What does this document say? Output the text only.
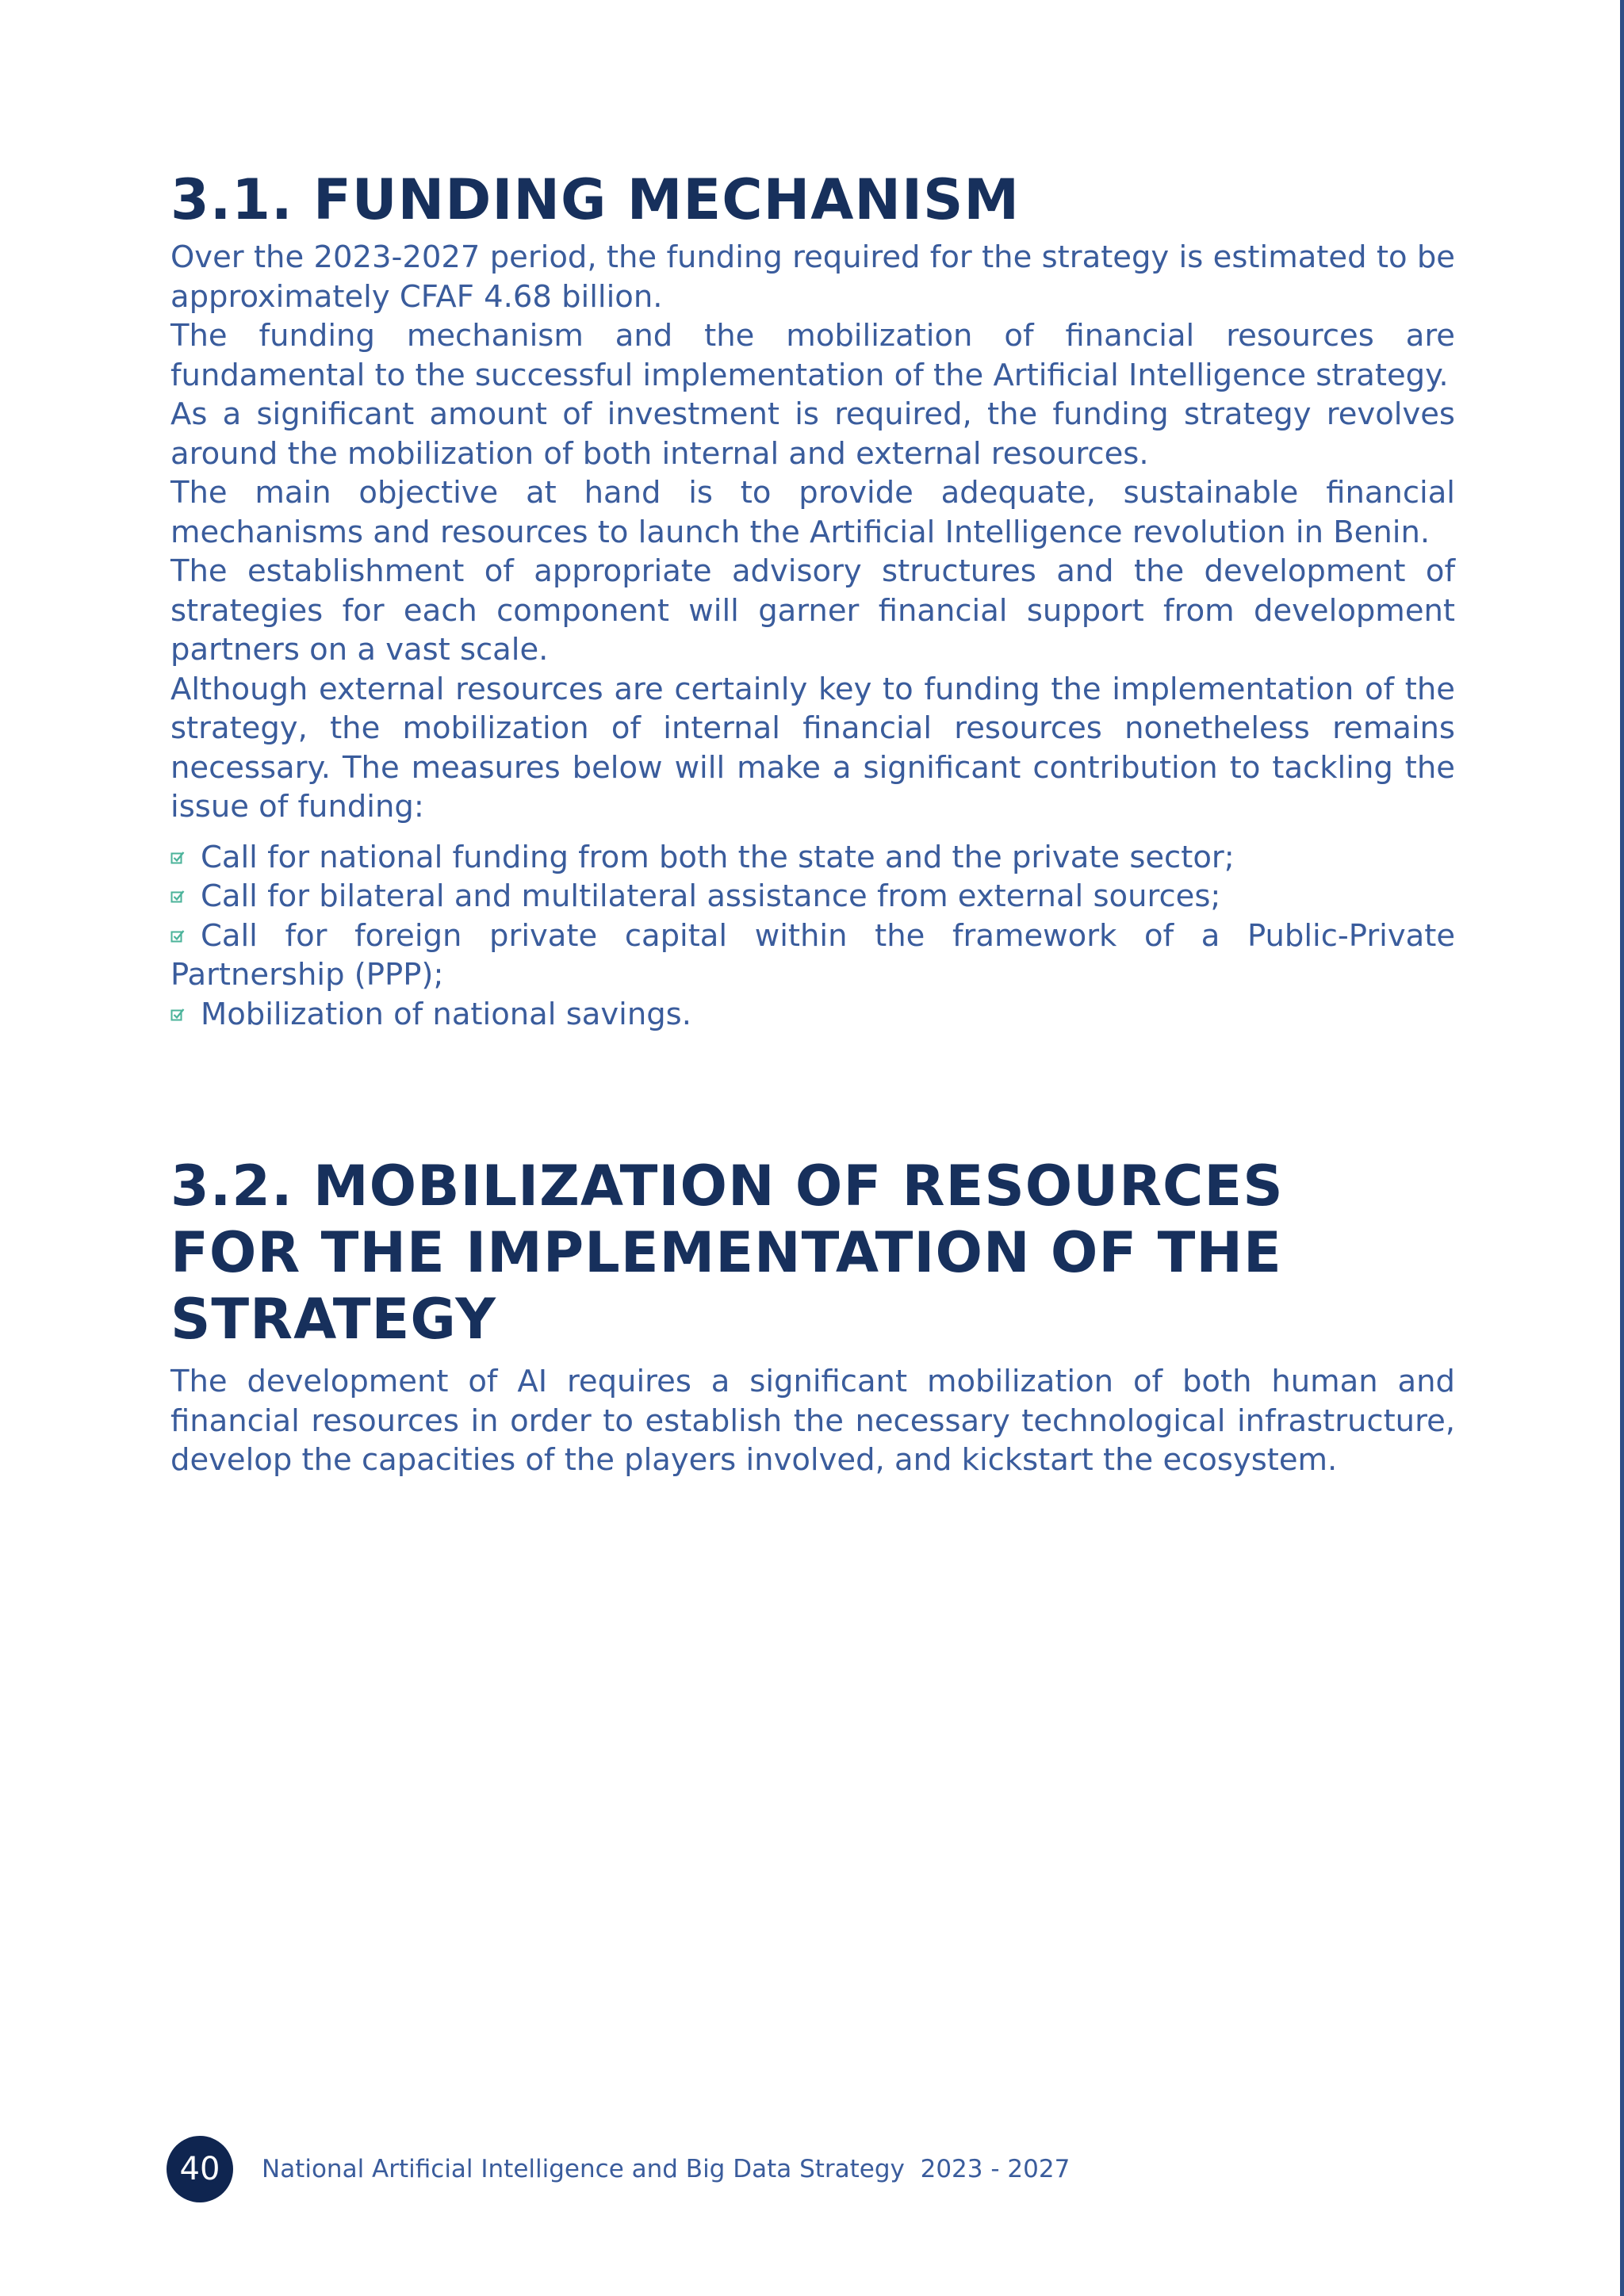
3.1. FUNDING MECHANISM

Over the 2023-2027 period, the funding required for the strategy is estimated to be approximately CFAF 4.68 billion.

The funding mechanism and the mobilization of financial resources are fundamental to the successful implementation of the Artificial Intelligence strategy.

As a significant amount of investment is required, the funding strategy revolves around the mobilization of both internal and external resources.

The main objective at hand is to provide adequate, sustainable financial mechanisms and resources to launch the Artificial Intelligence revolution in Benin.

The establishment of appropriate advisory structures and the development of strategies for each component will garner financial support from development partners on a vast scale.

Although external resources are certainly key to funding the implementation of the strategy, the mobilization of internal financial resources nonetheless remains necessary. The measures below will make a significant contribution to tackling the issue of funding:

Call for national funding from both the state and the private sector;
Call for bilateral and multilateral assistance from external sources;
Call for foreign private capital within the framework of a Public-Private Partnership (PPP);
Mobilization of national savings.
3.2. MOBILIZATION OF RESOURCES
FOR THE IMPLEMENTATION OF THE
STRATEGY

The development of AI requires a significant mobilization of both human and financial resources in order to establish the necessary technological infrastructure, develop the capacities of the players involved, and kickstart the ecosystem.

40	National Artificial Intelligence and Big Data Strategy  2023 - 2027
